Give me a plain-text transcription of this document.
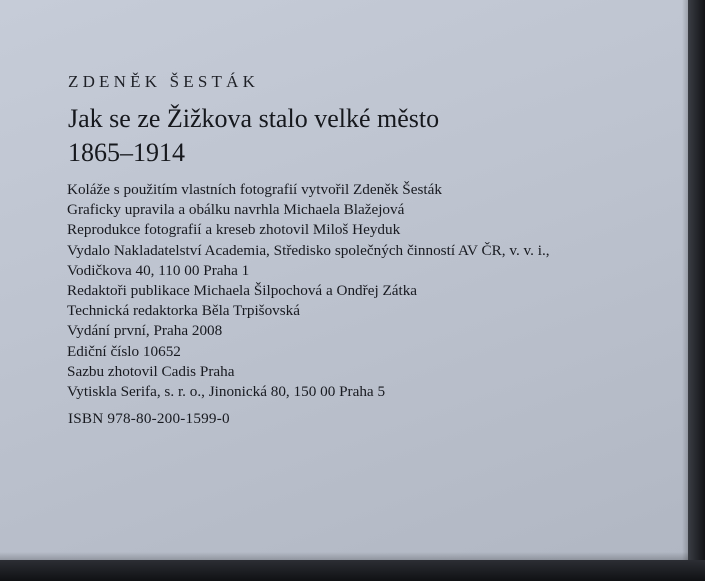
ZDENĚK ŠESTÁK
Jak se ze Žižkova stalo velké město
1865–1914
Koláže s použitím vlastních fotografií vytvořil Zdeněk Šesták
Graficky upravila a obálku navrhla Michaela Blažejová
Reprodukce fotografií a kreseb zhotovil Miloš Heyduk
Vydalo Nakladatelství Academia, Středisko společných činností AV ČR, v. v. i.,
Vodičkova 40, 110 00 Praha 1
Redaktoři publikace Michaela Šilpochová a Ondřej Zátka
Technická redaktorka Běla Trpišovská
Vydání první, Praha 2008
Ediční číslo 10652
Sazbu zhotovil Cadis Praha
Vytiskla Serifa, s. r. o., Jinonická 80, 150 00 Praha 5
ISBN 978-80-200-1599-0
